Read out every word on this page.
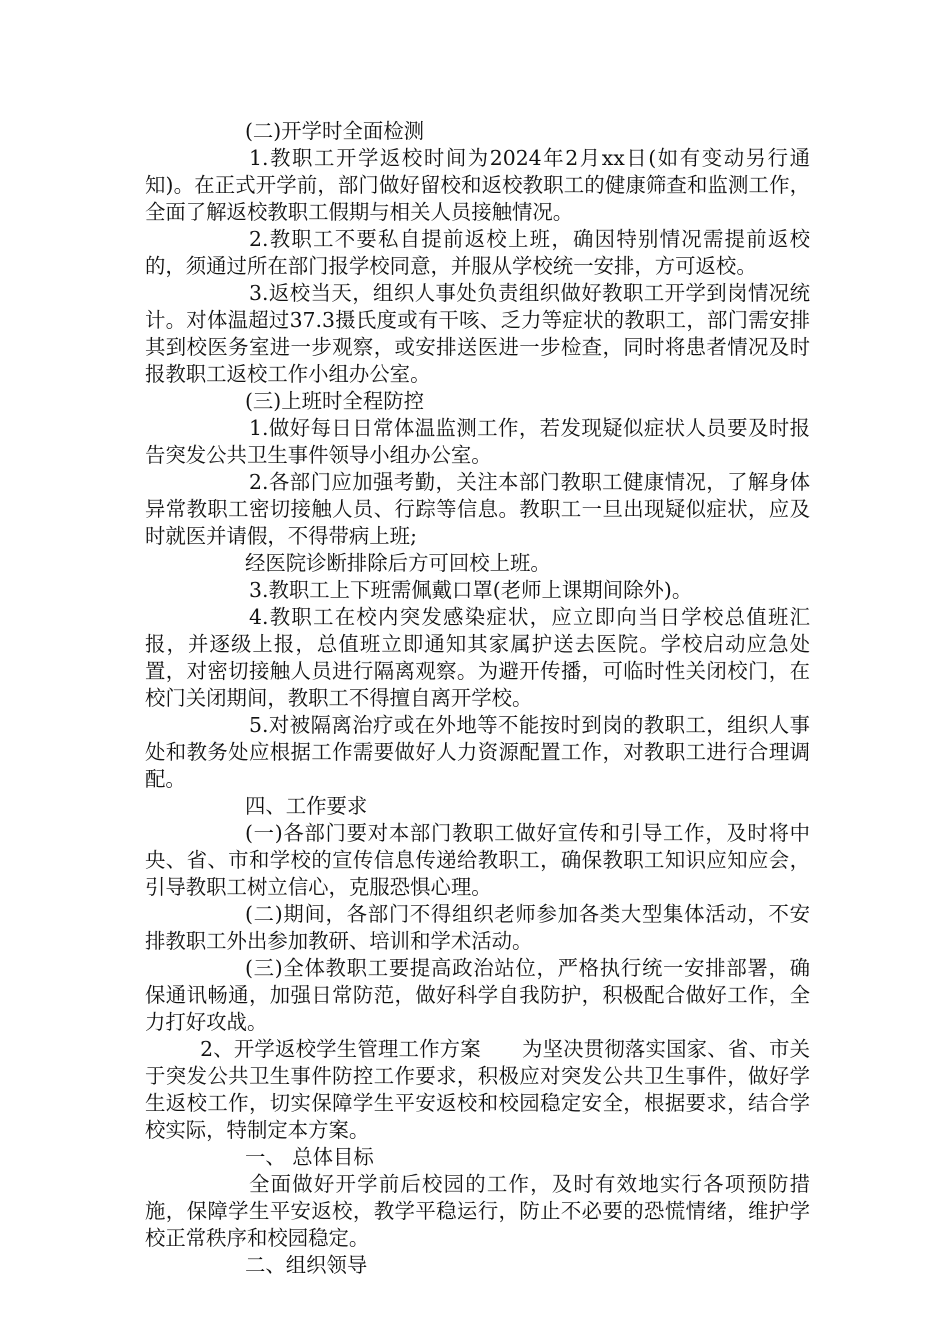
(二)开学时全面检测

1.教职工开学返校时间为2024年2月xx日(如有变动另行通知)。在正式开学前，部门做好留校和返校教职工的健康筛查和监测工作，全面了解返校教职工假期与相关人员接触情况。

2.教职工不要私自提前返校上班，确因特别情况需提前返校的，须通过所在部门报学校同意，并服从学校统一安排，方可返校。

3.返校当天，组织人事处负责组织做好教职工开学到岗情况统计。对体温超过37.3摄氏度或有干咳、乏力等症状的教职工，部门需安排其到校医务室进一步观察，或安排送医进一步检查，同时将患者情况及时报教职工返校工作小组办公室。

(三)上班时全程防控

1.做好每日日常体温监测工作，若发现疑似症状人员要及时报告突发公共卫生事件领导小组办公室。

2.各部门应加强考勤，关注本部门教职工健康情况，了解身体异常教职工密切接触人员、行踪等信息。教职工一旦出现疑似症状，应及时就医并请假，不得带病上班;

经医院诊断排除后方可回校上班。

3.教职工上下班需佩戴口罩(老师上课期间除外)。

4.教职工在校内突发感染症状，应立即向当日学校总值班汇报，并逐级上报，总值班立即通知其家属护送去医院。学校启动应急处置，对密切接触人员进行隔离观察。为避开传播，可临时性关闭校门，在校门关闭期间，教职工不得擅自离开学校。

5.对被隔离治疗或在外地等不能按时到岗的教职工，组织人事处和教务处应根据工作需要做好人力资源配置工作，对教职工进行合理调配。

四、工作要求

(一)各部门要对本部门教职工做好宣传和引导工作，及时将中央、省、市和学校的宣传信息传递给教职工，确保教职工知识应知应会，引导教职工树立信心，克服恐惧心理。

(二)期间，各部门不得组织老师参加各类大型集体活动，不安排教职工外出参加教研、培训和学术活动。

(三)全体教职工要提高政治站位，严格执行统一安排部署，确保通讯畅通，加强日常防范，做好科学自我防护，积极配合做好工作，全力打好攻战。

2、开学返校学生管理工作方案　　为坚决贯彻落实国家、省、市关于突发公共卫生事件防控工作要求，积极应对突发公共卫生事件，做好学生返校工作，切实保障学生平安返校和校园稳定安全，根据要求，结合学校实际，特制定本方案。

一、 总体目标

全面做好开学前后校园的工作，及时有效地实行各项预防措施，保障学生平安返校，教学平稳运行，防止不必要的恐慌情绪，维护学校正常秩序和校园稳定。

二、组织领导
